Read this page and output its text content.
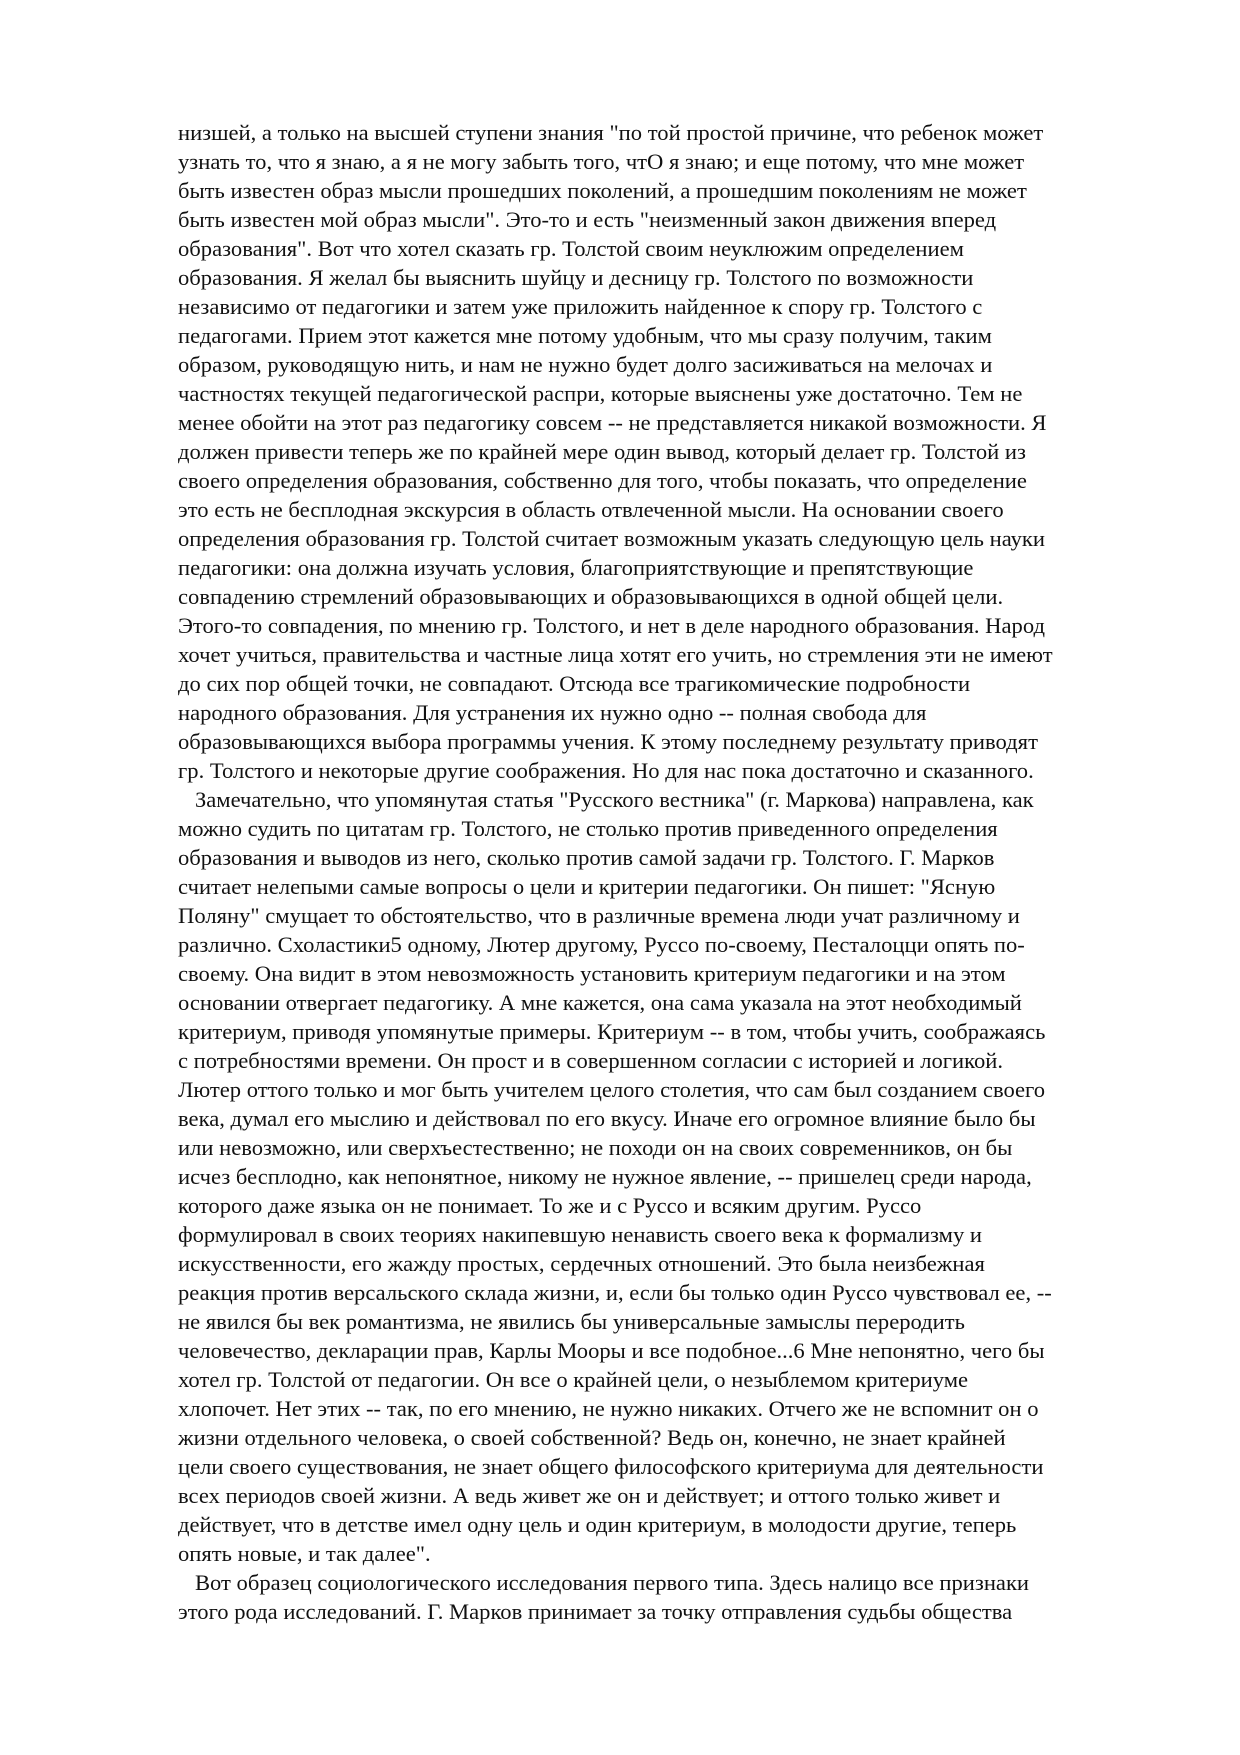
низшей, а только на высшей ступени знания "по той простой причине, что ребенок может
узнать то, что я знаю, а я не могу забыть того, чтО я знаю; и еще потому, что мне может
быть известен образ мысли прошедших поколений, а прошедшим поколениям не может
быть известен мой образ мысли". Это-то и есть "неизменный закон движения вперед
образования". Вот что хотел сказать гр. Толстой своим неуклюжим определением
образования. Я желал бы выяснить шуйцу и десницу гр. Толстого по возможности
независимо от педагогики и затем уже приложить найденное к спору гр. Толстого с
педагогами. Прием этот кажется мне потому удобным, что мы сразу получим, таким
образом, руководящую нить, и нам не нужно будет долго засиживаться на мелочах и
частностях текущей педагогической распри, которые выяснены уже достаточно. Тем не
менее обойти на этот раз педагогику совсем -- не представляется никакой возможности. Я
должен привести теперь же по крайней мере один вывод, который делает гр. Толстой из
своего определения образования, собственно для того, чтобы показать, что определение
это есть не бесплодная экскурсия в область отвлеченной мысли. На основании своего
определения образования гр. Толстой считает возможным указать следующую цель науки
педагогики: она должна изучать условия, благоприятствующие и препятствующие
совпадению стремлений образовывающих и образовывающихся в одной общей цели.
Этого-то совпадения, по мнению гр. Толстого, и нет в деле народного образования. Народ
хочет учиться, правительства и частные лица хотят его учить, но стремления эти не имеют
до сих пор общей точки, не совпадают. Отсюда все трагикомические подробности
народного образования. Для устранения их нужно одно -- полная свобода для
образовывающихся выбора программы учения. К этому последнему результату приводят
гр. Толстого и некоторые другие соображения. Но для нас пока достаточно и сказанного.
Замечательно, что упомянутая статья "Русского вестника" (г. Маркова) направлена, как
можно судить по цитатам гр. Толстого, не столько против приведенного определения
образования и выводов из него, сколько против самой задачи гр. Толстого. Г. Марков
считает нелепыми самые вопросы о цели и критерии педагогики. Он пишет: "Ясную
Поляну" смущает то обстоятельство, что в различные времена люди учат различному и
различно. Схоластики5 одному, Лютер другому, Руссо по-своему, Песталоцци опять по-
своему. Она видит в этом невозможность установить критериум педагогики и на этом
основании отвергает педагогику. А мне кажется, она сама указала на этот необходимый
критериум, приводя упомянутые примеры. Критериум -- в том, чтобы учить, соображаясь
с потребностями времени. Он прост и в совершенном согласии с историей и логикой.
Лютер оттого только и мог быть учителем целого столетия, что сам был созданием своего
века, думал его мыслию и действовал по его вкусу. Иначе его огромное влияние было бы
или невозможно, или сверхъестественно; не походи он на своих современников, он бы
исчез бесплодно, как непонятное, никому не нужное явление, -- пришелец среди народа,
которого даже языка он не понимает. То же и с Руссо и всяким другим. Руссо
формулировал в своих теориях накипевшую ненависть своего века к формализму и
искусственности, его жажду простых, сердечных отношений. Это была неизбежная
реакция против версальского склада жизни, и, если бы только один Руссо чувствовал ее, --
не явился бы век романтизма, не явились бы универсальные замыслы переродить
человечество, декларации прав, Карлы Мооры и все подобное...6 Мне непонятно, чего бы
хотел гр. Толстой от педагогии. Он все о крайней цели, о незыблемом критериуме
хлопочет. Нет этих -- так, по его мнению, не нужно никаких. Отчего же не вспомнит он о
жизни отдельного человека, о своей собственной? Ведь он, конечно, не знает крайней
цели своего существования, не знает общего философского критериума для деятельности
всех периодов своей жизни. А ведь живет же он и действует; и оттого только живет и
действует, что в детстве имел одну цель и один критериум, в молодости другие, теперь
опять новые, и так далее".
Вот образец социологического исследования первого типа. Здесь налицо все признаки
этого рода исследований. Г. Марков принимает за точку отправления судьбы общества
